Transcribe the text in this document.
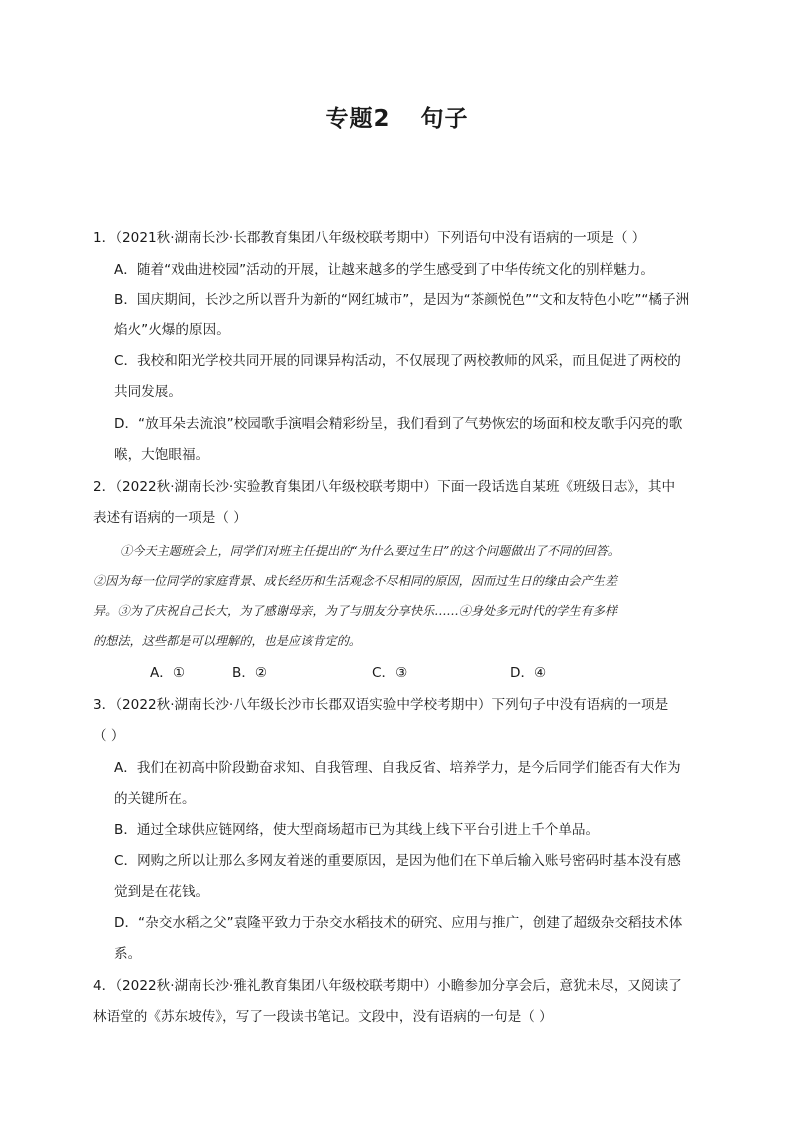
专题2 句子
1．（2021秋·湖南长沙·长郡教育集团八年级校联考期中）下列语句中没有语病的一项是（ ）
A．随着“戏曲进校园”活动的开展，让越来越多的学生感受到了中华传统文化的别样魅力。
B．国庆期间，长沙之所以晋升为新的“网红城市”，是因为“茶颜悦色”“文和友特色小吃”“橘子洲
焰火”火爆的原因。
C．我校和阳光学校共同开展的同课异构活动，不仅展现了两校教师的风采，而且促进了两校的
共同发展。
D．“放耳朵去流浪”校园歌手演唱会精彩纷呈，我们看到了气势恢宏的场面和校友歌手闪亮的歌
喉，大饱眼福。
2．（2022秋·湖南长沙·实验教育集团八年级校联考期中）下面一段话选自某班《班级日志》，其中
表述有语病的一项是（ ）
①今天主题班会上，同学们对班主任提出的“为什么要过生日”的这个问题做出了不同的回答。
②因为每一位同学的家庭背景、成长经历和生活观念不尽相同的原因，因而过生日的缘由会产生差
异。③为了庆祝自己长大，为了感谢母亲，为了与朋友分享快乐……④身处多元时代的学生有多样
的想法，这些都是可以理解的，也是应该肯定的。
A．①	B．②	C．③	D．④
3．（2022秋·湖南长沙·八年级长沙市长郡双语实验中学校考期中）下列句子中没有语病的一项是
（ ）
A．我们在初高中阶段勤奋求知、自我管理、自我反省、培养学力，是今后同学们能否有大作为
的关键所在。
B．通过全球供应链网络，使大型商场超市已为其线上线下平台引进上千个单品。
C．网购之所以让那么多网友着迷的重要原因，是因为他们在下单后输入账号密码时基本没有感
觉到是在花钱。
D．“杂交水稻之父”袁隆平致力于杂交水稻技术的研究、应用与推广，创建了超级杂交稻技术体
系。
4．（2022秋·湖南长沙·雅礼教育集团八年级校联考期中）小瞻参加分享会后，意犹未尽，又阅读了
林语堂的《苏东坡传》，写了一段读书笔记。文段中，没有语病的一句是（ ）
